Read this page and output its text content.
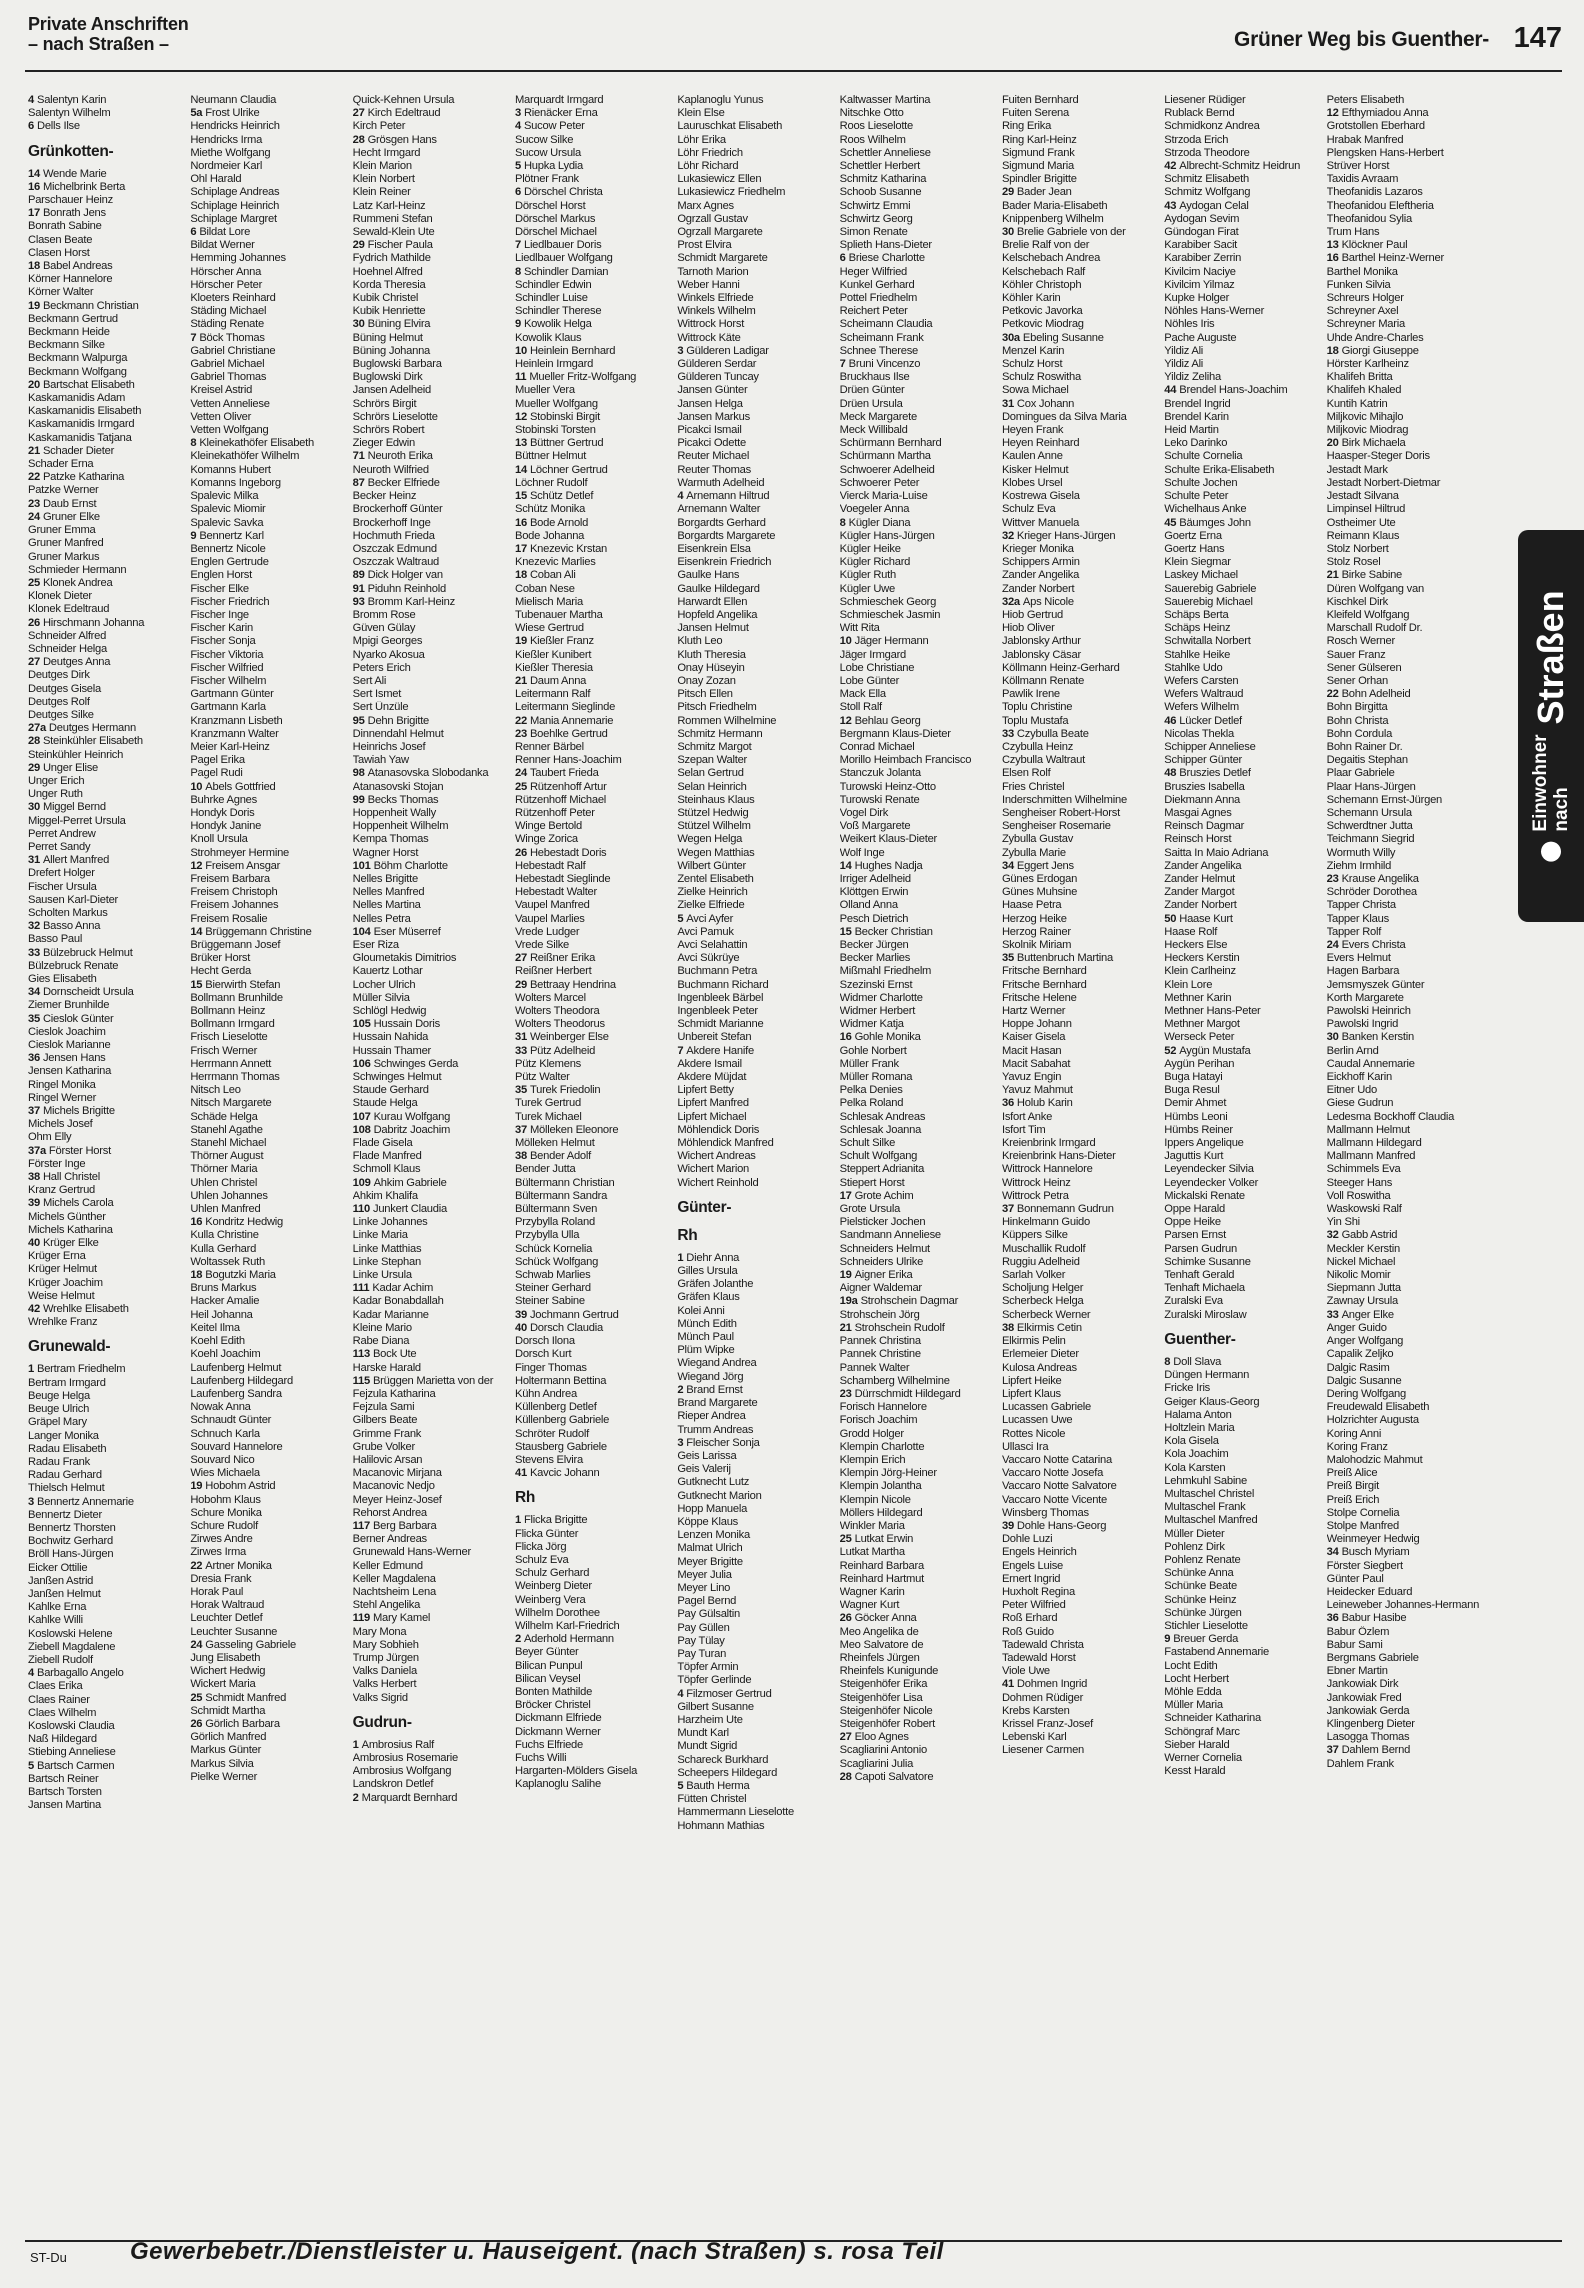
Private Anschriften
– nach Straßen –	Grüner Weg bis Guenther- 147
4 Salentyn Karin
Salentyn Wilhelm
6 Dells Ilse
Grünkotten-
14 Wende Marie
16 Michelbrink Berta
Parschauer Heinz
17 Bonrath Jens
Bonrath Sabine
Clasen Beate
Clasen Horst
18 Babel Andreas
Körner Hannelore
Körner Walter
19 Beckmann Christian
Beckmann Gertrud
Beckmann Heide
Beckmann Silke
Beckmann Walpurga
Beckmann Wolfgang
20 Bartschat Elisabeth
Kaskamanidis Adam
Kaskamanidis Elisabeth
Kaskamanidis Irmgard
Kaskamanidis Tatjana
21 Schader Dieter
Schader Erna
22 Patzke Katharina
Patzke Werner
23 Daub Ernst
24 Gruner Elke
Gruner Emma
Gruner Manfred
Gruner Markus
Schmieder Hermann
25 Klonek Andrea
Klonek Dieter
Klonek Edeltraud
26 Hirschmann Johanna
Schneider Alfred
Schneider Helga
27 Deutges Anna
Deutges Dirk
Deutges Gisela
Deutges Rolf
Deutges Silke
27a Deutges Hermann
28 Steinkühler Elisabeth
Steinkühler Heinrich
29 Unger Elise
Unger Erich
Unger Ruth
30 Miggel Bernd
Miggel-Perret Ursula
Perret Andrew
Perret Sandy
31 Allert Manfred
Drefert Holger
Fischer Ursula
Sausen Karl-Dieter
Scholten Markus
32 Basso Anna
Basso Paul
33 Bülzebruck Helmut
Bülzebruck Renate
Gies Elisabeth
34 Dornscheidt Ursula
Ziemer Brunhilde
35 Cieslok Günter
Cieslok Joachim
Cieslok Marianne
36 Jensen Hans
Jensen Katharina
Ringel Monika
Ringel Werner
37 Michels Brigitte
Michels Josef
Ohm Elly
37a Förster Horst
Förster Inge
38 Hall Christel
Kranz Gertrud
39 Michels Carola
Michels Günther
Michels Katharina
40 Krüger Elke
Krüger Erna
Krüger Helmut
Krüger Joachim
Weise Helmut
42 Wrehlke Elisabeth
Wrehlke Franz
Grunewald-
1 Bertram Friedhelm
Bertram Irmgard
Beuge Helga
Beuge Ulrich
Gräpel Mary
Langer Monika
Radau Elisabeth
Radau Frank
Radau Gerhard
Thielsch Helmut
3 Bennertz Annemarie
Bennertz Dieter
Bennertz Thorsten
Bochwitz Gerhard
Bröll Hans-Jürgen
Eicker Ottilie
Janßen Astrid
Janßen Helmut
Kahlke Erna
Kahlke Willi
Koslowski Helene
Ziebell Magdalene
Ziebell Rudolf
4 Barbagallo Angelo
Claes Erika
Claes Rainer
Claes Wilhelm
Koslowski Claudia
Naß Hildegard
Stiebing Anneliese
5 Bartsch Carmen
Bartsch Reiner
Bartsch Torsten
Jansen Martina
Neumann Claudia
5a Frost Ulrike
Hendricks Heinrich
Hendricks Irma
Miethe Wolfgang
Nordmeier Karl
Ohl Harald
Schiplage Andreas
Schiplage Heinrich
Schiplage Margret
6 Bildat Lore
Bildat Werner
Hemming Johannes
Hörscher Anna
Hörscher Peter
Kloeters Reinhard
Städing Michael
Städing Renate
7 Böck Thomas
Gabriel Christiane
Gabriel Michael
Gabriel Thomas
Kreisel Astrid
Vetten Anneliese
Vetten Oliver
Vetten Wolfgang
8 Kleinekathöfer Elisabeth
Kleinekathöfer Wilhelm
Komanns Hubert
Komanns Ingeborg
Spalevic Milka
Spalevic Miomir
Spalevic Savka
9 Bennertz Karl
Bennertz Nicole
Englen Gertrude
Englen Horst
Fischer Elke
Fischer Friedrich
Fischer Inge
Fischer Karin
Fischer Sonja
Fischer Viktoria
Fischer Wilfried
Fischer Wilhelm
Gartmann Günter
Gartmann Karla
Kranzmann Lisbeth
Kranzmann Walter
Meier Karl-Heinz
Pagel Erika
Pagel Rudi
10 Abels Gottfried
Buhrke Agnes
Hondyk Doris
Hondyk Janine
Knoll Ursula
Strohmeyer Hermine
12 Freisem Ansgar
Freisem Barbara
Freisem Christoph
Freisem Johannes
Freisem Rosalie
14 Brüggemann Christine
Brüggemann Josef
Brüker Horst
Hecht Gerda
15 Bierwirth Stefan
Bollmann Brunhilde
Bollmann Heinz
Bollmann Irmgard
Frisch Lieselotte
Frisch Werner
Herrmann Annett
Herrmann Thomas
Nitsch Leo
Nitsch Margarete
Schäde Helga
Stanehl Agathe
Stanehl Michael
Thörner August
Thörner Maria
Uhlen Christel
Uhlen Johannes
Uhlen Manfred
16 Kondritz Hedwig
Kulla Christine
Kulla Gerhard
Woltassek Ruth
18 Bogutzki Maria
Bruns Markus
Hacker Amalie
Heil Johanna
Keitel Ilma
Koehl Edith
Koehl Joachim
Laufenberg Helmut
Laufenberg Hildegard
Laufenberg Sandra
Nowak Anna
Schnaudt Günter
Schnuch Karla
Souvard Hannelore
Souvard Nico
Wies Michaela
19 Hobohm Astrid
Hobohm Klaus
Schure Monika
Schure Rudolf
Zirwes Andre
Zirwes Irma
22 Artner Monika
Dresia Frank
Horak Paul
Horak Waltraud
Leuchter Detlef
Leuchter Susanne
24 Gasseling Gabriele
Jung Elisabeth
Wichert Hedwig
Wickert Maria
25 Schmidt Manfred
Schmidt Martha
26 Görlich Barbara
Görlich Manfred
Markus Günter
Markus Silvia
Pielke Werner
Quick-Kehnen Ursula
27 Kirch Edeltraud
Kirch Peter
28 Grösgen Hans
Hecht Irmgard
Klein Marion
Klein Norbert
Klein Reiner
Latz Karl-Heinz
Rummeni Stefan
Sewald-Klein Ute
29 Fischer Paula
Fydrich Mathilde
Hoehnel Alfred
Korda Theresia
Kubik Christel
Kubik Henriette
30 Büning Elvira
Büning Helmut
Büning Johanna
Buglowski Barbara
Buglowski Dirk
Jansen Adelheid
Schrörs Birgit
Schrörs Lieselotte
Schrörs Robert
Zieger Edwin
71 Neuroth Erika
Neuroth Wilfried
87 Becker Elfriede
Becker Heinz
Brockerhoff Günter
Brockerhoff Inge
Hochmuth Frieda
Oszczak Edmund
Oszczak Waltraud
89 Dick Holger van
91 Piduhn Reinhold
93 Bromm Karl-Heinz
Bromm Rose
Güven Gülay
Mpigi Georges
Nyarko Akosua
Peters Erich
Sert Ali
Sert Ismet
Sert Ünzüle
95 Dehn Brigitte
Dinnendahl Helmut
Heinrichs Josef
Tawiah Yaw
98 Atanasovska Slobodanka
Atanasovski Stojan
99 Becks Thomas
Hoppenheit Wally
Hoppenheit Wilhelm
Kempa Thomas
Wagner Horst
101 Böhm Charlotte
Nelles Brigitte
Nelles Manfred
Nelles Martina
Nelles Petra
104 Eser Müserref
Eser Riza
Gloumetakis Dimitrios
Kauertz Lothar
Locher Ulrich
Müller Silvia
Schlögl Hedwig
105 Hussain Doris
Hussain Nahida
Hussain Thamer
106 Schwinges Gerda
Schwinges Helmut
Staude Gerhard
Staude Helga
107 Kurau Wolfgang
108 Dabritz Joachim
Flade Gisela
Flade Manfred
Schmoll Klaus
109 Ahkim Gabriele
Ahkim Khalifa
110 Junkert Claudia
Linke Johannes
Linke Maria
Linke Matthias
Linke Stephan
Linke Ursula
111 Kadar Achim
Kadar Bonabdallah
Kadar Marianne
Kleine Mario
Rabe Diana
113 Bock Ute
Harske Harald
115 Brüggen Marietta von der
Fejzula Katharina
Fejzula Sami
Gilbers Beate
Grimme Frank
Grube Volker
Halilovic Arsan
Macanovic Mirjana
Macanovic Nedjo
Meyer Heinz-Josef
Rehorst Andrea
117 Berg Barbara
Berner Andreas
Grunewald Hans-Werner
Keller Edmund
Keller Magdalena
Nachtsheim Lena
Stehl Angelika
119 Mary Kamel
Mary Mona
Mary Sobhieh
Trump Jürgen
Valks Daniela
Valks Herbert
Valks Sigrid
Gudrun-
1 Ambrosius Ralf
Ambrosius Rosemarie
Ambrosius Wolfgang
Landskron Detlef
2 Marquardt Bernhard
Marquardt Irmgard
3 Rienäcker Erna
4 Sucow Peter
Sucow Silke
Sucow Ursula
5 Hupka Lydia
Plötner Frank
6 Dörschel Christa
Dörschel Horst
Dörschel Markus
Dörschel Michael
7 Liedlbauer Doris
Liedlbauer Wolfgang
8 Schindler Damian
Schindler Edwin
Schindler Luise
Schindler Therese
9 Kowolik Helga
Kowolik Klaus
10 Heinlein Bernhard
Heinlein Irmgard
11 Mueller Fritz-Wolfgang
Mueller Vera
Mueller Wolfgang
12 Stobinski Birgit
Stobinski Torsten
13 Büttner Gertrud
Büttner Helmut
14 Löchner Gertrud
Löchner Rudolf
15 Schütz Detlef
Schütz Monika
16 Bode Arnold
Bode Johanna
17 Knezevic Krstan
Knezevic Marlies
18 Coban Ali
Coban Nese
Mielisch Maria
Tubenauer Martha
Wiese Gertrud
19 Kießler Franz
Kießler Kunibert
Kießler Theresia
21 Daum Anna
Leitermann Ralf
Leitermann Sieglinde
22 Mania Annemarie
23 Boehlke Gertrud
Renner Bärbel
Renner Hans-Joachim
24 Taubert Frieda
25 Rützenhoff Artur
Rützenhoff Michael
Rützenhoff Peter
Winge Bertold
Winge Zorica
26 Hebestadt Doris
Hebestadt Ralf
Hebestadt Sieglinde
Hebestadt Walter
Vaupel Manfred
Vaupel Marlies
Vrede Ludger
Vrede Silke
27 Reißner Erika
Reißner Herbert
29 Bettraay Hendrina
Wolters Marcel
Wolters Theodora
Wolters Theodorus
31 Weinberger Else
33 Pütz Adelheid
Pütz Klemens
Pütz Walter
35 Turek Friedolin
Turek Gertrud
Turek Michael
37 Mölleken Eleonore
Mölleken Helmut
38 Bender Adolf
Bender Jutta
Bültermann Christian
Bültermann Sandra
Bültermann Sven
Przybylla Roland
Przybylla Ulla
Schück Kornelia
Schück Wolfgang
Schwab Marlies
Steiner Gerhard
Steiner Sabine
39 Jochmann Gertrud
40 Dorsch Claudia
Dorsch Ilona
Dorsch Kurt
Finger Thomas
Holtermann Bettina
Kühn Andrea
Küllenberg Detlef
Küllenberg Gabriele
Schröter Rudolf
Stausberg Gabriele
Stevens Elvira
41 Kavcic Johann
Rh
1 Flicka Brigitte
Flicka Günter
Flicka Jörg
Schulz Eva
Schulz Gerhard
Weinberg Dieter
Weinberg Vera
Wilhelm Dorothee
Wilhelm Karl-Friedrich
2 Aderhold Hermann
Beyer Günter
Bilican Punpul
Bilican Veysel
Bonten Mathilde
Bröcker Christel
Dickmann Elfriede
Dickmann Werner
Fuchs Elfriede
Fuchs Willi
Hargarten-Mölders Gisela
Kaplanoglu Salihe
Kaplanoglu Yunus
Klein Else
Lauruschkat Elisabeth
Löhr Erika
Löhr Friedrich
Löhr Richard
Lukasiewicz Ellen
Lukasiewicz Friedhelm
Marx Agnes
Ogrzall Gustav
Ogrzall Margarete
Prost Elvira
Schmidt Margarete
Tarnoth Marion
Weber Hanni
Winkels Elfriede
Winkels Wilhelm
Wittrock Horst
Wittrock Käte
3 Gülderen Ladigar
Gülderen Serdar
Gülderen Tuncay
Jansen Günter
Jansen Helga
Jansen Markus
Picakci Ismail
Picakci Odette
Reuter Michael
Reuter Thomas
Warmuth Adelheid
4 Arnemann Hiltrud
Arnemann Walter
Borgardts Gerhard
Borgardts Margarete
Eisenkrein Elsa
Eisenkrein Friedrich
Gaulke Hans
Gaulke Hildegard
Harwardt Ellen
Hopfeld Angelika
Jansen Helmut
Kluth Leo
Kluth Theresia
Onay Hüseyin
Onay Zozan
Pitsch Ellen
Pitsch Friedhelm
Rommen Wilhelmine
Schmitz Hermann
Schmitz Margot
Szepan Walter
Selan Gertrud
Selan Heinrich
Steinhaus Klaus
Stützel Hedwig
Stützel Wilhelm
Wegen Helga
Wegen Matthias
Wilbert Günter
Zentel Elisabeth
Zielke Heinrich
Zielke Elfriede
5 Avci Ayfer
Avci Pamuk
Avci Selahattin
Avci Sükrüye
Buchmann Petra
Buchmann Richard
Ingenbleek Bärbel
Ingenbleek Peter
Schmidt Marianne
Unbereit Stefan
7 Akdere Hanife
Akdere Ismail
Akdere Müjdat
Lipfert Betty
Lipfert Manfred
Lipfert Michael
Möhlendick Doris
Möhlendick Manfred
Wichert Andreas
Wichert Marion
Wichert Reinhold
Günter-
Rh
1 Diehr Anna
Gilles Ursula
Gräfen Jolanthe
Gräfen Klaus
Kolei Anni
Münch Edith
Münch Paul
Plüm Wipke
Wiegand Andrea
Wiegand Jörg
2 Brand Ernst
Brand Margarete
Rieper Andrea
Trumm Andreas
3 Fleischer Sonja
Geis Larissa
Geis Valerij
Gutknecht Lutz
Gutknecht Marion
Hopp Manuela
Köppe Klaus
Lenzen Monika
Malmat Ulrich
Meyer Brigitte
Meyer Julia
Meyer Lino
Pagel Bernd
Pay Gülsaltin
Pay Güllen
Pay Tülay
Pay Turan
Töpfer Armin
Töpfer Gerlinde
4 Filzmoser Gertrud
Gilbert Susanne
Harzheim Ute
Mundt Karl
Mundt Sigrid
Schareck Burkhard
Scheepers Hildegard
5 Bauth Herma
Fütten Christel
Hammermann Lieselotte
Hohmann Mathias
Kaltwasser Martina
Nitschke Otto
Roos Lieselotte
Roos Wilhelm
Schettler Anneliese
Schettler Herbert
Schmitz Katharina
Schoob Susanne
Schwirtz Emmi
Schwirtz Georg
Simon Renate
Splieth Hans-Dieter
6 Briese Charlotte
Heger Wilfried
Kunkel Gerhard
Pottel Friedhelm
Reichert Peter
Scheimann Claudia
Scheimann Frank
Schnee Therese
7 Bruni Vincenzo
Bruckhaus Ilse
Drüen Günter
Drüen Ursula
Meck Margarete
Meck Willibald
Schürmann Bernhard
Schürmann Martha
Schwoerer Adelheid
Schwoerer Peter
Vierck Maria-Luise
Voegeler Anna
8 Kügler Diana
Kügler Hans-Jürgen
Kügler Heike
Kügler Richard
Kügler Ruth
Kügler Uwe
Schmieschek Georg
Schmieschek Jasmin
Witt Rita
10 Jäger Hermann
Jäger Irmgard
Lobe Christiane
Lobe Günter
Mack Ella
Stoll Ralf
12 Behlau Georg
Bergmann Klaus-Dieter
Conrad Michael
Morillo Heimbach Francisco
Stanczuk Jolanta
Turowski Heinz-Otto
Turowski Renate
Vogel Dirk
Voß Margarete
Weikert Klaus-Dieter
Wolf Inge
14 Hughes Nadja
Irriger Adelheid
Klöttgen Erwin
Olland Anna
Pesch Dietrich
15 Becker Christian
Becker Jürgen
Becker Marlies
Mißmahl Friedhelm
Szezinski Ernst
Widmer Charlotte
Widmer Herbert
Widmer Katja
16 Gohle Monika
Gohle Norbert
Müller Frank
Müller Romana
Pelka Denies
Pelka Roland
Schlesak Andreas
Schlesak Joanna
Schult Silke
Schult Wolfgang
Steppert Adrianita
Stiepert Horst
17 Grote Achim
Grote Ursula
Pielsticker Jochen
Sandmann Anneliese
Schneiders Helmut
Schneiders Ulrike
19 Aigner Erika
Aigner Waldemar
19a Strohschein Dagmar
Strohschein Jörg
21 Strohschein Rudolf
Pannek Christina
Pannek Christine
Pannek Walter
Schamberg Wilhelmine
23 Dürrschmidt Hildegard
Forisch Hannelore
Forisch Joachim
Grodd Holger
Klempin Charlotte
Klempin Erich
Klempin Jörg-Heiner
Klempin Jolantha
Klempin Nicole
Möllers Hildegard
Winkler Maria
25 Lutkat Erwin
Lutkat Martha
Reinhard Barbara
Reinhard Hartmut
Wagner Karin
Wagner Kurt
26 Göcker Anna
Meo Angelika de
Meo Salvatore de
Rheinfels Jürgen
Rheinfels Kunigunde
Steigenhöfer Erika
Steigenhöfer Lisa
Steigenhöfer Nicole
Steigenhöfer Robert
27 Eloo Agnes
Scagliarini Antonio
Scagliarini Julia
28 Capoti Salvatore
Fuiten Bernhard
Fuiten Serena
Ring Erika
Ring Karl-Heinz
Sigmund Frank
Sigmund Maria
Spindler Brigitte
29 Bader Jean
Bader Maria-Elisabeth
Knippenberg Wilhelm
30 Brelie Gabriele von der
Brelie Ralf von der
Kelschebach Andrea
Kelschebach Ralf
Köhler Christoph
Köhler Karin
Petkovic Javorka
Petkovic Miodrag
30a Ebeling Susanne
Menzel Karin
Schulz Horst
Schulz Roswitha
Sowa Michael
31 Cox Johann
Domingues da Silva Maria
Heyen Frank
Heyen Reinhard
Kaulen Anne
Kisker Helmut
Klobes Ursel
Kostrewa Gisela
Schulz Eva
Wittver Manuela
32 Krieger Hans-Jürgen
Krieger Monika
Schippers Armin
Zander Angelika
Zander Norbert
32a Aps Nicole
Hiob Gertrud
Hiob Oliver
Jablonsky Arthur
Jablonsky Cäsar
Köllmann Heinz-Gerhard
Köllmann Renate
Pawlik Irene
Toplu Christine
Toplu Mustafa
33 Czybulla Beate
Czybulla Heinz
Czybulla Waltraut
Elsen Rolf
Fries Christel
Inderschmitten Wilhelmine
Sengheiser Robert-Horst
Sengheiser Rosemarie
Zybulla Gustav
Zybulla Marie
34 Eggert Jens
Günes Erdogan
Günes Muhsine
Haase Petra
Herzog Heike
Herzog Rainer
Skolnik Miriam
35 Buttenbruch Martina
Fritsche Bernhard
Fritsche Bernhard
Fritsche Helene
Hartz Werner
Hoppe Johann
Kaiser Gisela
Macit Hasan
Macit Sabahat
Yavuz Engin
Yavuz Mahmut
36 Holub Karin
Isfort Anke
Isfort Tim
Kreienbrink Irmgard
Kreienbrink Hans-Dieter
Wittrock Hannelore
Wittrock Heinz
Wittrock Petra
37 Bonnemann Gudrun
Hinkelmann Guido
Küppers Silke
Muschallik Rudolf
Ruggiu Adelheid
Sarlah Volker
Scholjung Helger
Scherbeck Helga
Scherbeck Werner
38 Elkirmis Cetin
Elkirmis Pelin
Erlemeier Dieter
Kulosa Andreas
Lipfert Heike
Lipfert Klaus
Lucassen Gabriele
Lucassen Uwe
Rottes Nicole
Ullasci Ira
Vaccaro Notte Catarina
Vaccaro Notte Josefa
Vaccaro Notte Salvatore
Vaccaro Notte Vicente
Winsberg Thomas
39 Dohle Hans-Georg
Dohle Luzi
Engels Heinrich
Engels Luise
Ernert Ingrid
Huxholt Regina
Peter Wilfried
Roß Erhard
Roß Guido
Tadewald Christa
Tadewald Horst
Viole Uwe
41 Dohmen Ingrid
Dohmen Rüdiger
Krebs Karsten
Krissel Franz-Josef
Lebenski Karl
Liesener Carmen
Liesener Rüdiger
Rublack Bernd
Schmidkonz Andrea
Strzoda Erich
Strzoda Theodore
42 Albrecht-Schmitz Heidrun
Schmitz Elisabeth
Schmitz Wolfgang
43 Aydogan Celal
Aydogan Sevim
Gündogan Firat
Karabiber Sacit
Karabiber Zerrin
Kivilcim Naciye
Kivilcim Yilmaz
Kupke Holger
Nöhles Hans-Werner
Nöhles Iris
Pache Auguste
Yildiz Ali
Yildiz Ali
Yildiz Zeliha
44 Brendel Hans-Joachim
Brendel Ingrid
Brendel Karin
Heid Martin
Leko Darinko
Schulte Cornelia
Schulte Erika-Elisabeth
Schulte Jochen
Schulte Peter
Wichelhaus Anke
45 Bäumges John
Goertz Erna
Goertz Hans
Klein Siegmar
Laskey Michael
Sauerebig Gabriele
Sauerebig Michael
Schäps Berta
Schäps Heinz
Schwitalla Norbert
Stahlke Heike
Stahlke Udo
Wefers Carsten
Wefers Waltraud
Wefers Wilhelm
46 Lücker Detlef
Nicolas Thekla
Schipper Anneliese
Schipper Günter
48 Bruszies Detlef
Bruszies Isabella
Diekmann Anna
Masgai Agnes
Reinsch Dagmar
Reinsch Horst
Saitta In Maio Adriana
Zander Angelika
Zander Helmut
Zander Margot
Zander Norbert
50 Haase Kurt
Haase Rolf
Heckers Else
Heckers Kerstin
Klein Carlheinz
Klein Lore
Methner Karin
Methner Hans-Peter
Methner Margot
Werseck Peter
52 Aygün Mustafa
Aygün Perihan
Buga Hatayi
Buga Resul
Demir Ahmet
Hümbs Leoni
Hümbs Reiner
Ippers Angelique
Jaguttis Kurt
Leyendecker Silvia
Leyendecker Volker
Mickalski Renate
Oppe Harald
Oppe Heike
Parsen Ernst
Parsen Gudrun
Schimke Susanne
Tenhaft Gerald
Tenhaft Michaela
Zuralski Eva
Zuralski Miroslaw
Guenther-
8 Doll Slava
Düngen Hermann
Fricke Iris
Geiger Klaus-Georg
Halama Anton
Holtzlein Maria
Kola Gisela
Kola Joachim
Kola Karsten
Lehmkuhl Sabine
Multaschel Christel
Multaschel Frank
Multaschel Manfred
Müller Dieter
Pohlenz Dirk
Pohlenz Renate
Schünke Anna
Schünke Beate
Schünke Heinz
Schünke Jürgen
Stichler Lieselotte
9 Breuer Gerda
Fastabend Annemarie
Locht Edith
Locht Herbert
Möhle Edda
Müller Maria
Schneider Katharina
Schöngraf Marc
Sieber Harald
Werner Cornelia
Kesst Harald
Peters Elisabeth
12 Efthymiadou Anna
Grotstollen Eberhard
Hrabak Manfred
Plengsken Hans-Herbert
Strüver Horst
Taxidis Avraam
Theofanidis Lazaros
Theofanidou Eleftheria
Theofanidou Sylia
Trum Hans
13 Klöckner Paul
16 Barthel Heinz-Werner
Barthel Monika
Funken Silvia
Schreurs Holger
Schreyner Axel
Schreyner Maria
Uhde Andre-Charles
18 Giorgi Giuseppe
Hörster Karlheinz
Khalifeh Britta
Khalifeh Khaled
Kuntih Katrin
Miljkovic Mihajlo
Miljkovic Miodrag
20 Birk Michaela
Haasper-Steger Doris
Jestadt Mark
Jestadt Norbert-Dietmar
Jestadt Silvana
Limpinsel Hiltrud
Ostheimer Ute
Reimann Klaus
Stolz Norbert
Stolz Rosel
21 Birke Sabine
Düren Wolfgang van
Kischkel Dirk
Kleifeld Wolfgang
Marschall Rudolf Dr.
Rosch Werner
Sauer Franz
Sener Gülseren
Sener Orhan
22 Bohn Adelheid
Bohn Birgitta
Bohn Christa
Bohn Cordula
Bohn Rainer Dr.
Degaitis Stephan
Plaar Gabriele
Plaar Hans-Jürgen
Schemann Ernst-Jürgen
Schemann Ursula
Schwerdtner Jutta
Teichmann Siegrid
Wormuth Willy
Ziehm Irmhild
23 Krause Angelika
Schröder Dorothea
Tapper Christa
Tapper Klaus
Tapper Rolf
24 Evers Christa
Evers Helmut
Hagen Barbara
Jemsmyszek Günter
Korth Margarete
Pawolski Heinrich
Pawolski Ingrid
30 Banken Kerstin
Berlin Arnd
Caudal Annemarie
Eickhoff Karin
Eitner Udo
Giese Gudrun
Ledesma Bockhoff Claudia
Mallmann Helmut
Mallmann Hildegard
Mallmann Manfred
Schimmels Eva
Steeger Hans
Voll Roswitha
Waskowski Ralf
Yin Shi
32 Gabb Astrid
Meckler Kerstin
Nickel Michael
Nikolic Momir
Siepmann Jutta
Zawnay Ursula
33 Anger Elke
Anger Guido
Anger Wolfgang
Capalik Zeljko
Dalgic Rasim
Dalgic Susanne
Dering Wolfgang
Freudewald Elisabeth
Holzrichter Augusta
Koring Anni
Koring Franz
Malohodzic Mahmut
Preiß Alice
Preiß Birgit
Preiß Erich
Stolpe Cornelia
Stolpe Manfred
Weinmeyer Hedwig
34 Busch Myriam
Förster Siegbert
Günter Paul
Heidecker Eduard
Leineweber Johannes-Hermann
36 Babur Hasibe
Babur Özlem
Babur Sami
Bergmans Gabriele
Ebner Martin
Jankowiak Dirk
Jankowiak Fred
Jankowiak Gerda
Klingenberg Dieter
Lasogga Thomas
37 Dahlem Bernd
Dahlem Frank
Einwohner nach
Straßen
ST-Du	Gewerbebetr./Dienstleister u. Hauseigent. (nach Straßen) s. rosa Teil
